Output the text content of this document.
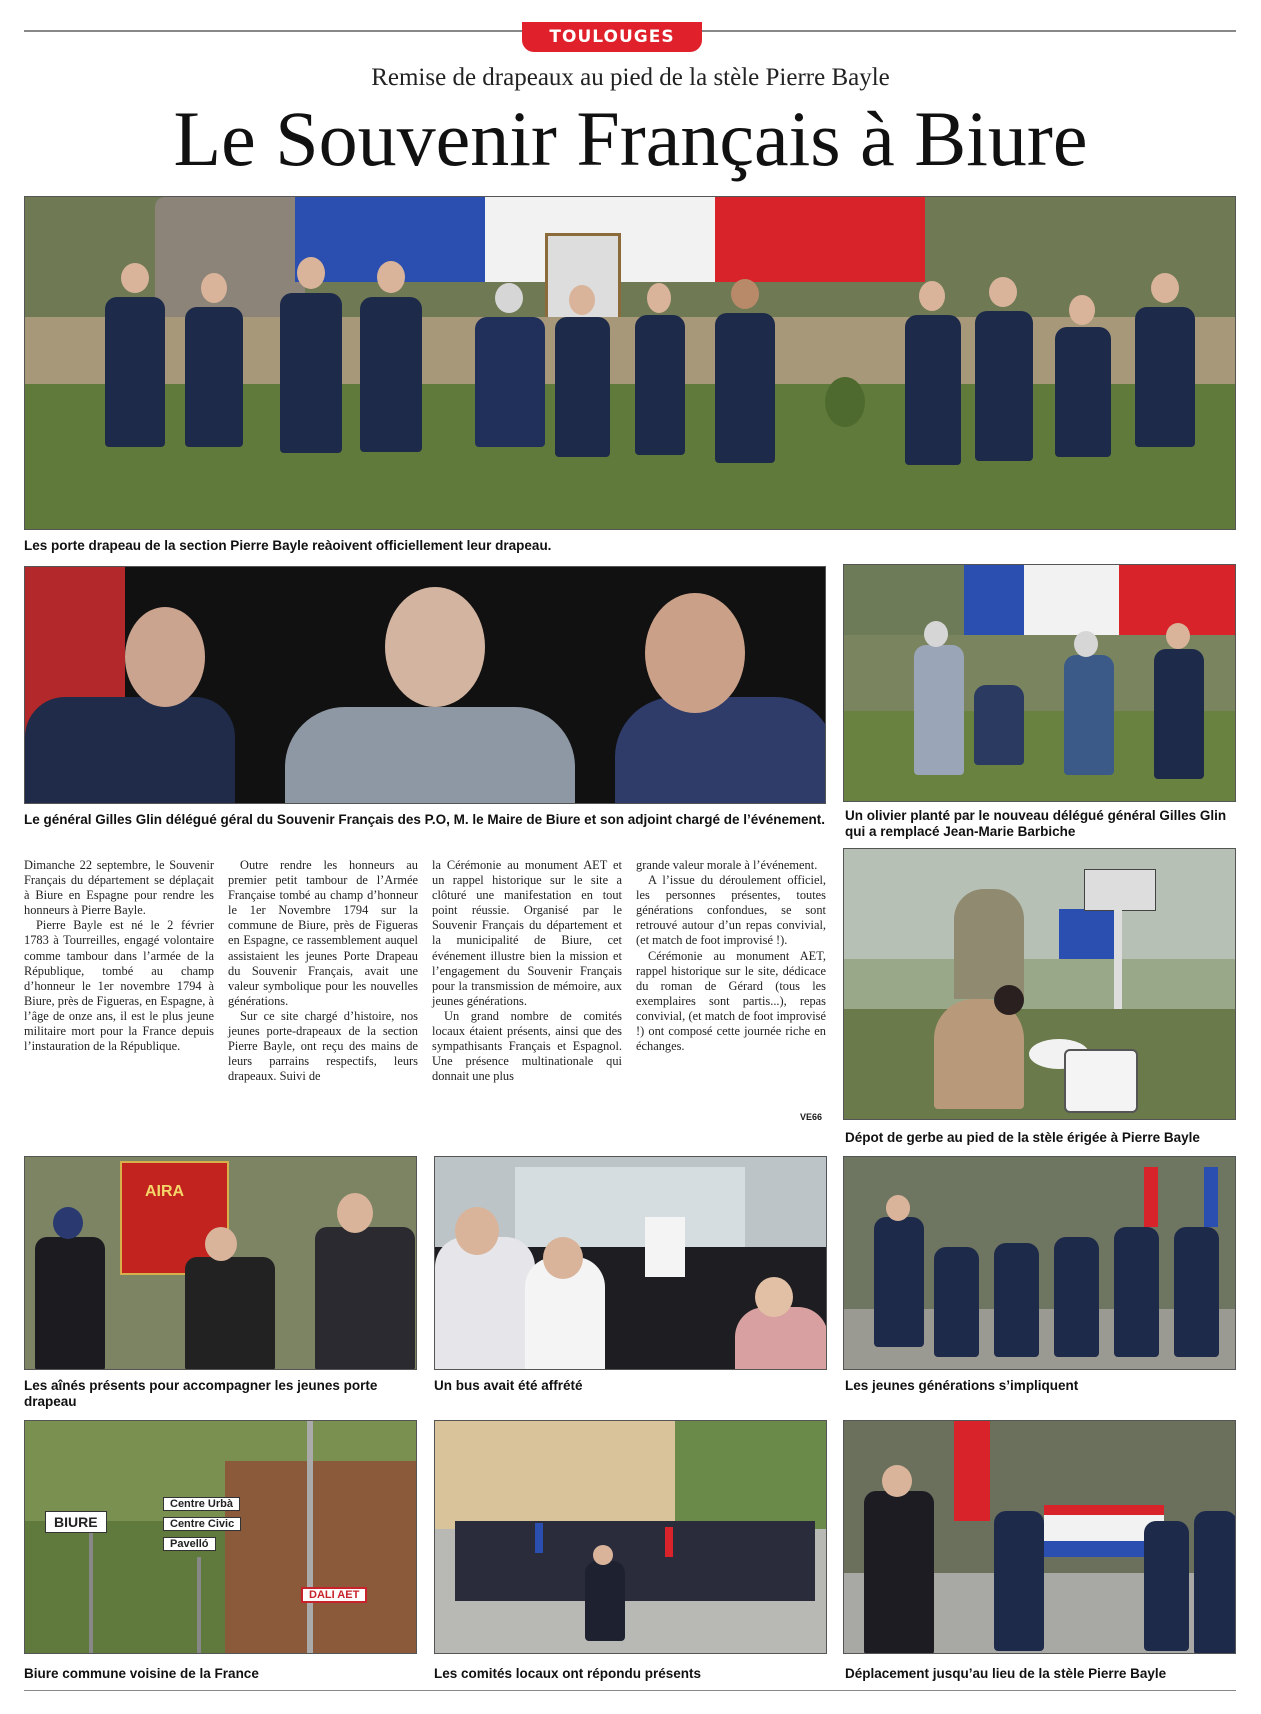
TOULOUGES
Remise de drapeaux au pied de la stèle Pierre Bayle
Le Souvenir Français à Biure
Les porte drapeau de la section Pierre Bayle reàoivent officiellement leur drapeau.
Le général Gilles Glin délégué géral du Souvenir Français des P.O, M. le Maire de Biure et son adjoint chargé de l’événement.	Un olivier planté par le nouveau délégué général Gilles Glin qui a remplacé Jean-Marie Barbiche

Dimanche 22 septembre, le Souvenir Français du département se déplaçait à Biure en Espagne pour rendre les honneurs à Pierre Bayle.

Pierre Bayle est né le 2 février 1783 à Tourreilles, engagé volontaire comme tambour dans l’armée de la République, tombé au champ d’honneur le 1er novembre 1794 à Biure, près de Figueras, en Espagne, à l’âge de onze ans, il est le plus jeune militaire mort pour la France depuis l’instauration de la République.

Outre rendre les honneurs au premier petit tambour de l’Armée Française tombé au champ d’honneur le 1er Novembre 1794 sur la commune de Biure, près de Figueras en Espagne, ce rassemblement auquel assistaient les jeunes Porte Drapeau du Souvenir Français, avait une valeur symbolique pour les nouvelles générations.

Sur ce site chargé d’histoire, nos jeunes porte-drapeaux de la section Pierre Bayle, ont reçu des mains de leurs parrains respectifs, leurs drapeaux. Suivi de

la Cérémonie au monument AET et un rappel historique sur le site a clôturé une manifestation en tout point réussie. Organisé par le Souvenir Français du département et la municipalité de Biure, cet événement illustre bien la mission et l’engagement du Souvenir Français pour la transmission de mémoire, aux jeunes générations.

Un grand nombre de comités locaux étaient présents, ainsi que des sympathisants Français et Espagnol. Une présence multinationale qui donnait une plus

grande valeur morale à l’événement.

A l’issue du déroulement officiel, les personnes présentes, toutes générations confondues, se sont retrouvé autour d’un repas convivial, (et match de foot improvisé !).

Cérémonie au monument AET, rappel historique sur le site, dédicace du roman de Gérard (tous les exemplaires sont partis...), repas convivial, (et match de foot improvisé !) ont composé cette journée riche en échanges.

VE66
Dépot de gerbe au pied de la stèle érigée à Pierre Bayle
AIRA
Les aînés présents pour accompagner les jeunes porte drapeau
Un bus avait été affrété	Les jeunes générations s’impliquent
BIURE
Centre Urbà
Centre Civic
Pavelló
DALI AET
Biure commune voisine de la France	Les comités locaux ont répondu présents	Déplacement jusqu’au lieu de la stèle Pierre Bayle
